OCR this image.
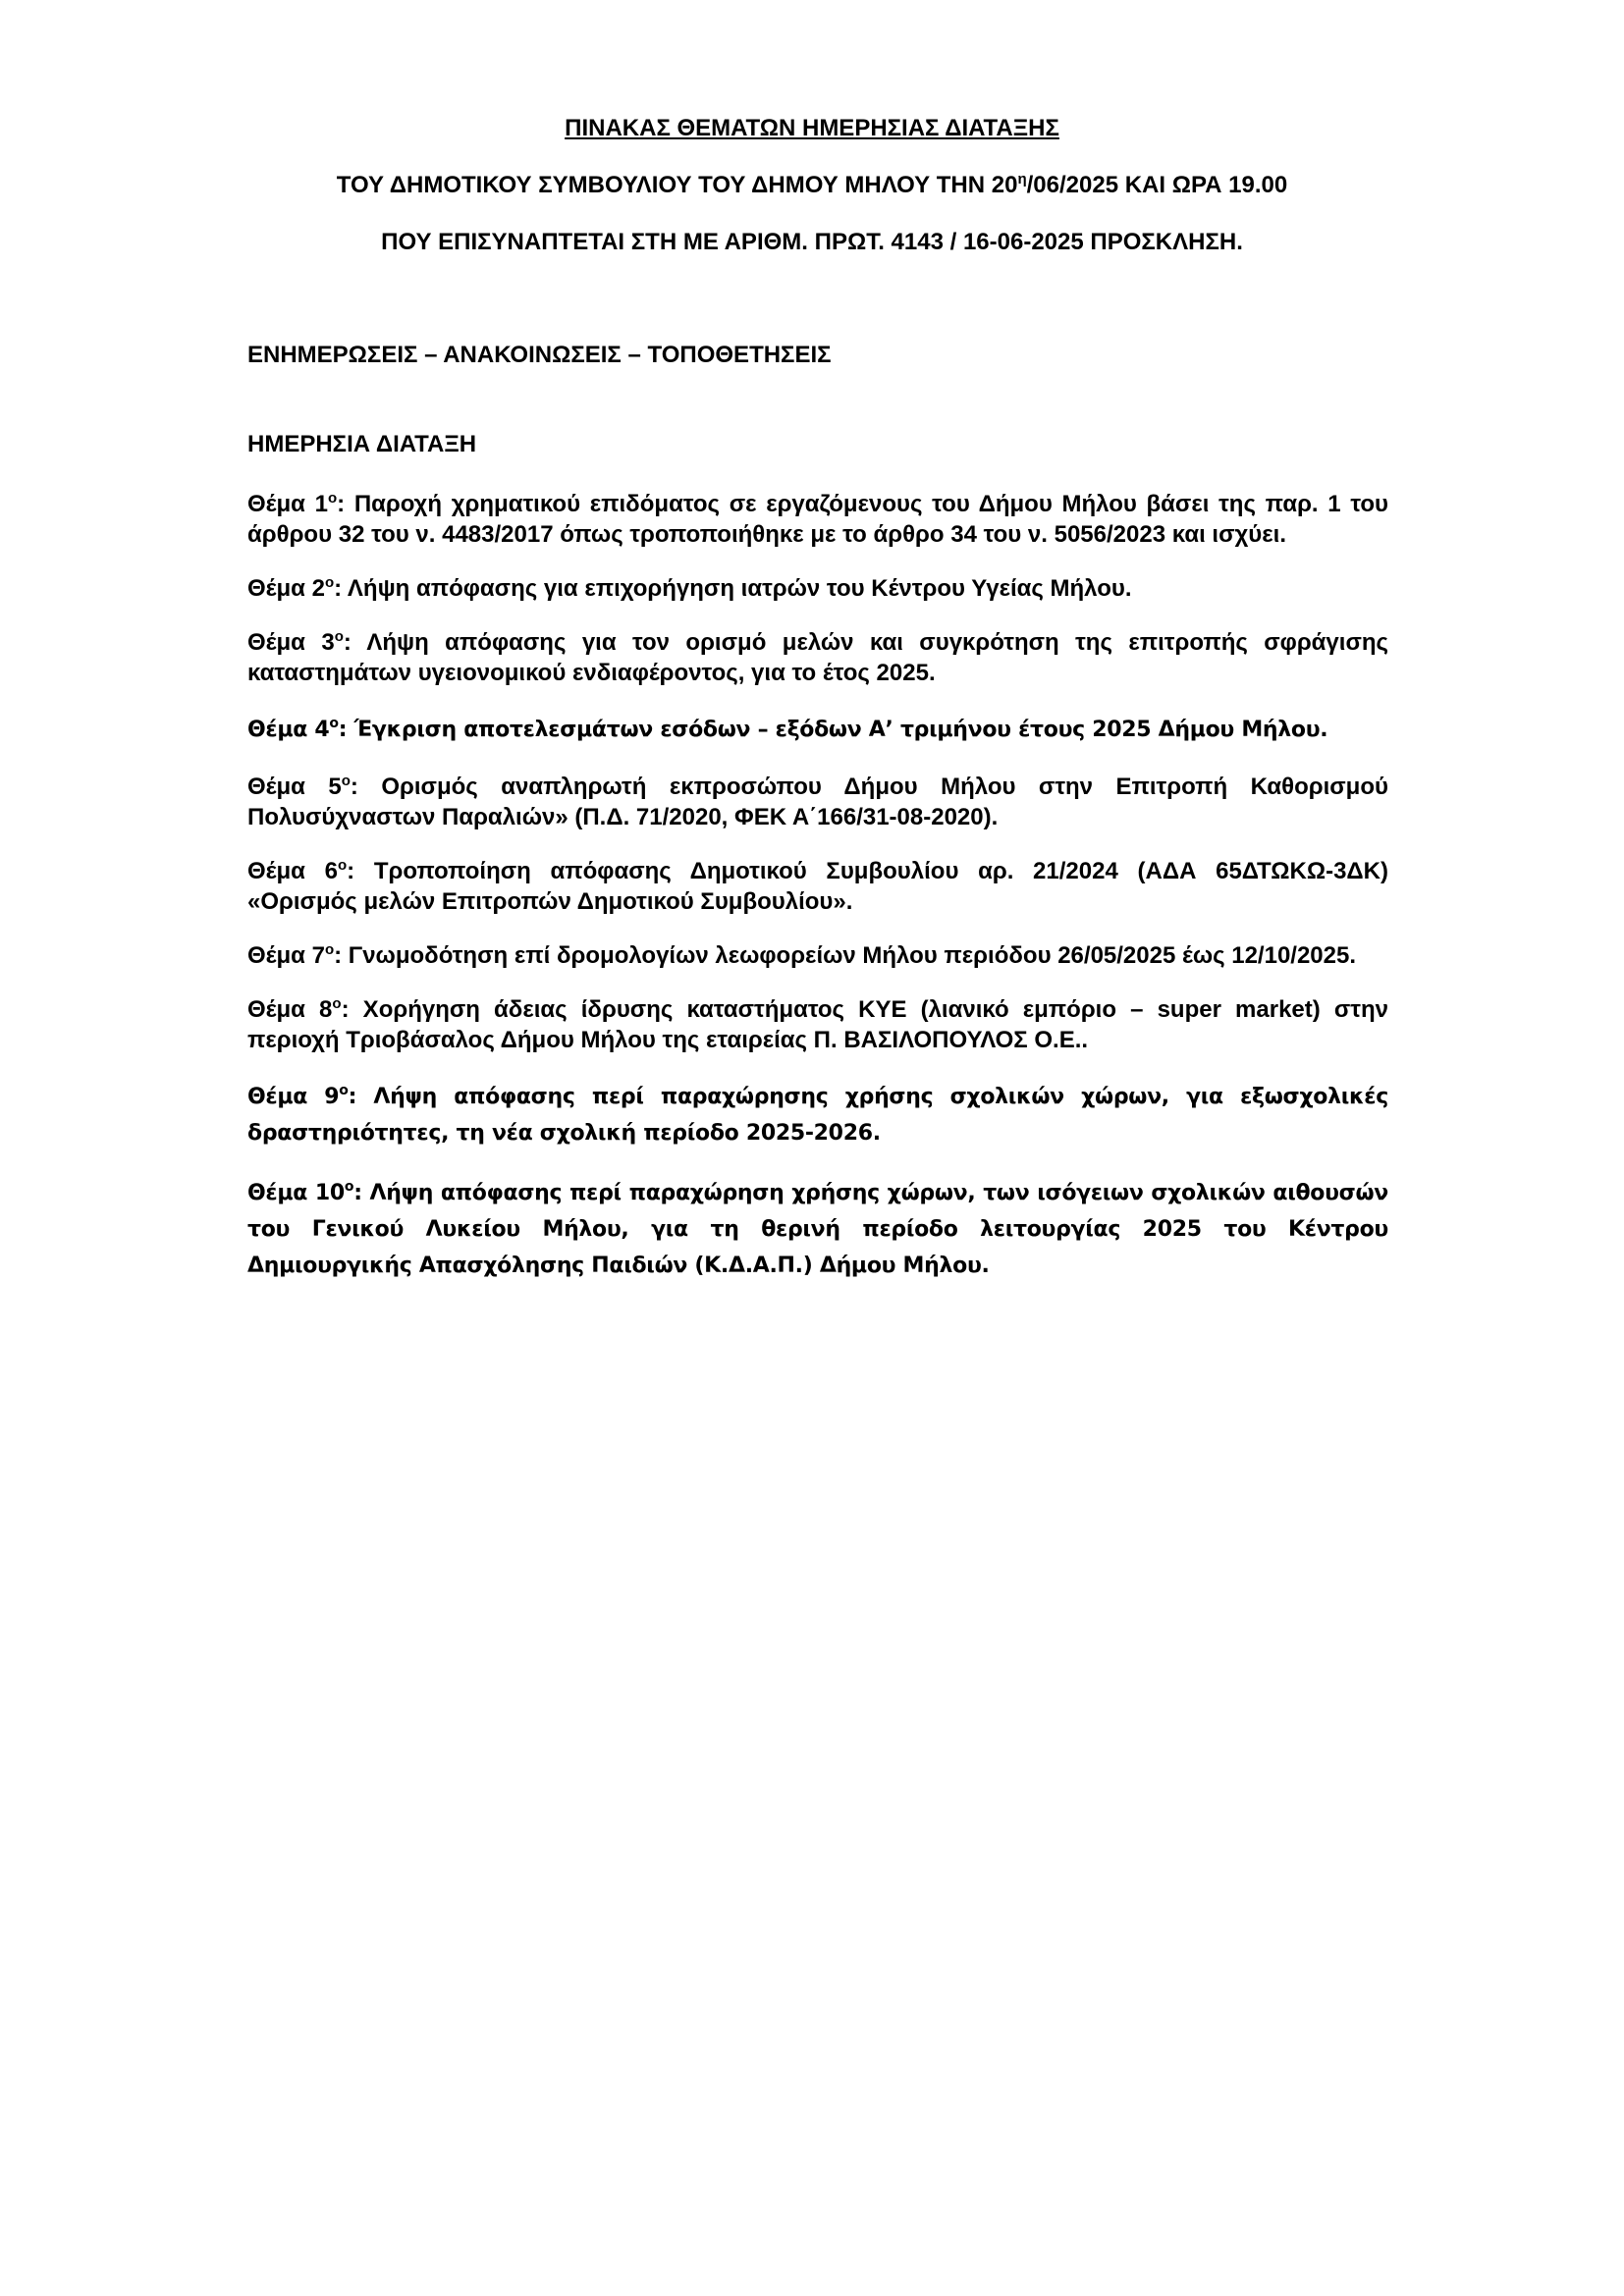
ΠΙΝΑΚΑΣ ΘΕΜΑΤΩΝ ΗΜΕΡΗΣΙΑΣ ΔΙΑΤΑΞΗΣ
ΤΟΥ ΔΗΜΟΤΙΚΟΥ ΣΥΜΒΟΥΛΙΟΥ ΤΟΥ ΔΗΜΟΥ ΜΗΛΟΥ ΤΗΝ $20^\eta/06/2025$ ΚΑΙ ΩΡΑ 19.00
ΠΟΥ ΕΠΙΣΥΝΑΠΤΕΤΑΙ ΣΤΗ ΜΕ ΑΡΙΘΜ. ΠΡΩΤ. 4143 / 16-06-2025 ΠΡΟΣΚΛΗΣΗ.
ΕΝΗΜΕΡΩΣΕΙΣ – ΑΝΑΚΟΙΝΩΣΕΙΣ – ΤΟΠΟΘΕΤΗΣΕΙΣ
ΗΜΕΡΗΣΙΑ ΔΙΑΤΑΞΗ
Θέμα $1^o$: Παροχή χρηματικού επιδόματος σε εργαζόμενους του Δήμου Μήλου βάσει της παρ. 1 του άρθρου 32 του ν. 4483/2017 όπως τροποποιήθηκε με το άρθρο 34 του ν. 5056/2023 και ισχύει.
Θέμα $2^o$: Λήψη απόφασης για επιχορήγηση ιατρών του Κέντρου Υγείας Μήλου.
Θέμα $3^o$: Λήψη απόφασης για τον ορισμό μελών και συγκρότηση της επιτροπής σφράγισης καταστημάτων υγειονομικού ενδιαφέροντος, για το έτος 2025.
Θέμα $4^o$: Έγκριση αποτελεσμάτων εσόδων – εξόδων Α’ τριμήνου έτους 2025 Δήμου Μήλου.
Θέμα $5^o$: Ορισμός αναπληρωτή εκπροσώπου Δήμου Μήλου στην Επιτροπή Καθορισμού Πολυσύχναστων Παραλιών» (Π.Δ. 71/2020, ΦΕΚ Α΄166/31-08-2020).
Θέμα $6^o$: Τροποποίηση απόφασης Δημοτικού Συμβουλίου αρ. 21/2024 (ΑΔΑ 65ΔΤΩΚΩ-3ΔΚ) «Ορισμός μελών Επιτροπών Δημοτικού Συμβουλίου».
Θέμα $7^o$: Γνωμοδότηση επί δρομολογίων λεωφορείων Μήλου περιόδου 26/05/2025 έως 12/10/2025.
Θέμα $8^o$: Χορήγηση άδειας ίδρυσης καταστήματος ΚΥΕ (λιανικό εμπόριο – super market) στην περιοχή Τριοβάσαλος Δήμου Μήλου της εταιρείας Π. ΒΑΣΙΛΟΠΟΥΛΟΣ Ο.Ε..
Θέμα $9^o$: Λήψη απόφασης περί παραχώρησης χρήσης σχολικών χώρων, για εξωσχολικές δραστηριότητες, τη νέα σχολική περίοδο 2025-2026.
Θέμα $10^o$: Λήψη απόφασης περί παραχώρηση χρήσης χώρων, των ισόγειων σχολικών αιθουσών του Γενικού Λυκείου Μήλου, για τη θερινή περίοδο λειτουργίας 2025 του Κέντρου Δημιουργικής Απασχόλησης Παιδιών (Κ.Δ.Α.Π.) Δήμου Μήλου.
